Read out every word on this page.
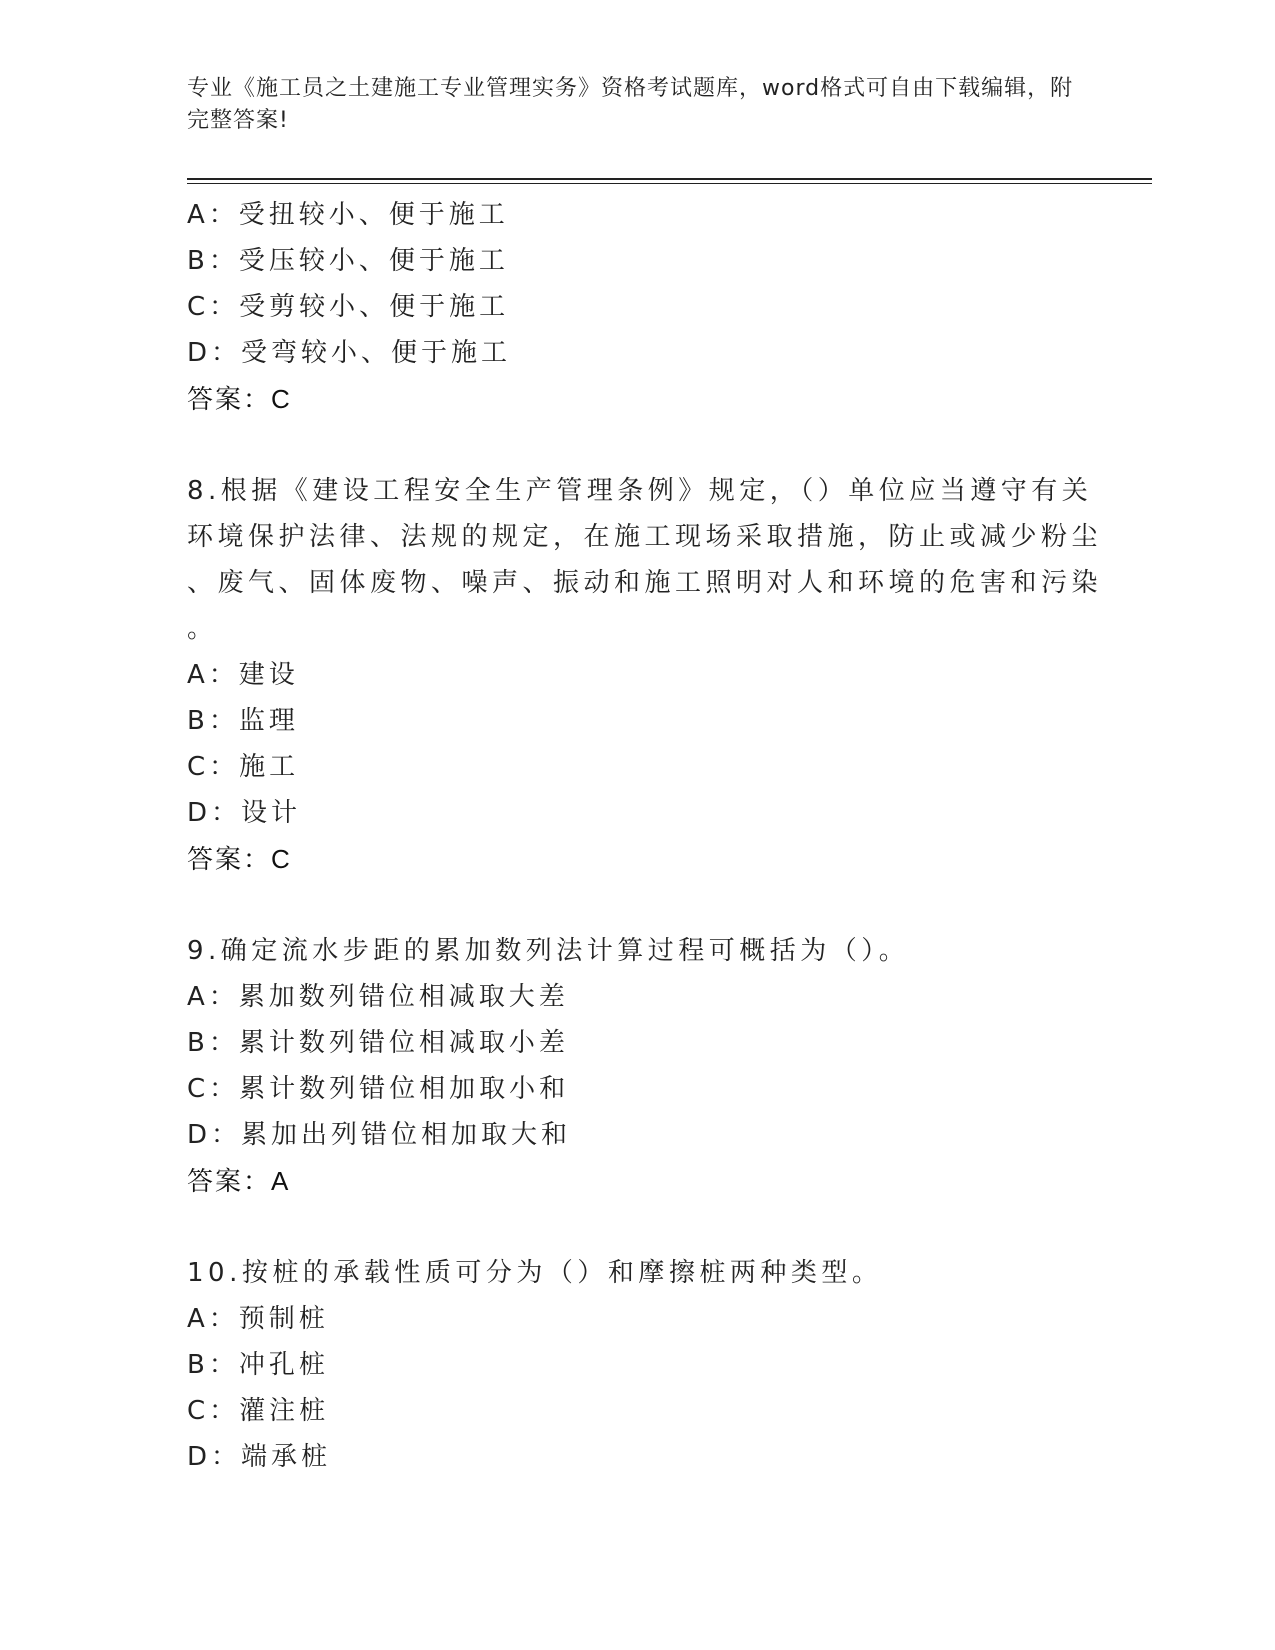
专业《施工员之土建施工专业管理实务》资格考试题库，word格式可自由下载编辑，附完整答案!
A：受扭较小、便于施工
B：受压较小、便于施工
C：受剪较小、便于施工
D：受弯较小、便于施工
答案：C
8.根据《建设工程安全生产管理条例》规定，（）单位应当遵守有关
环境保护法律、法规的规定，在施工现场采取措施，防止或减少粉尘
、废气、固体废物、噪声、振动和施工照明对人和环境的危害和污染
。
A：建设
B：监理
C：施工
D：设计
答案：C
9.确定流水步距的累加数列法计算过程可概括为（）。
A：累加数列错位相减取大差
B：累计数列错位相减取小差
C：累计数列错位相加取小和
D：累加出列错位相加取大和
答案：A
10.按桩的承载性质可分为（）和摩擦桩两种类型。
A：预制桩
B：冲孔桩
C：灌注桩
D：端承桩
